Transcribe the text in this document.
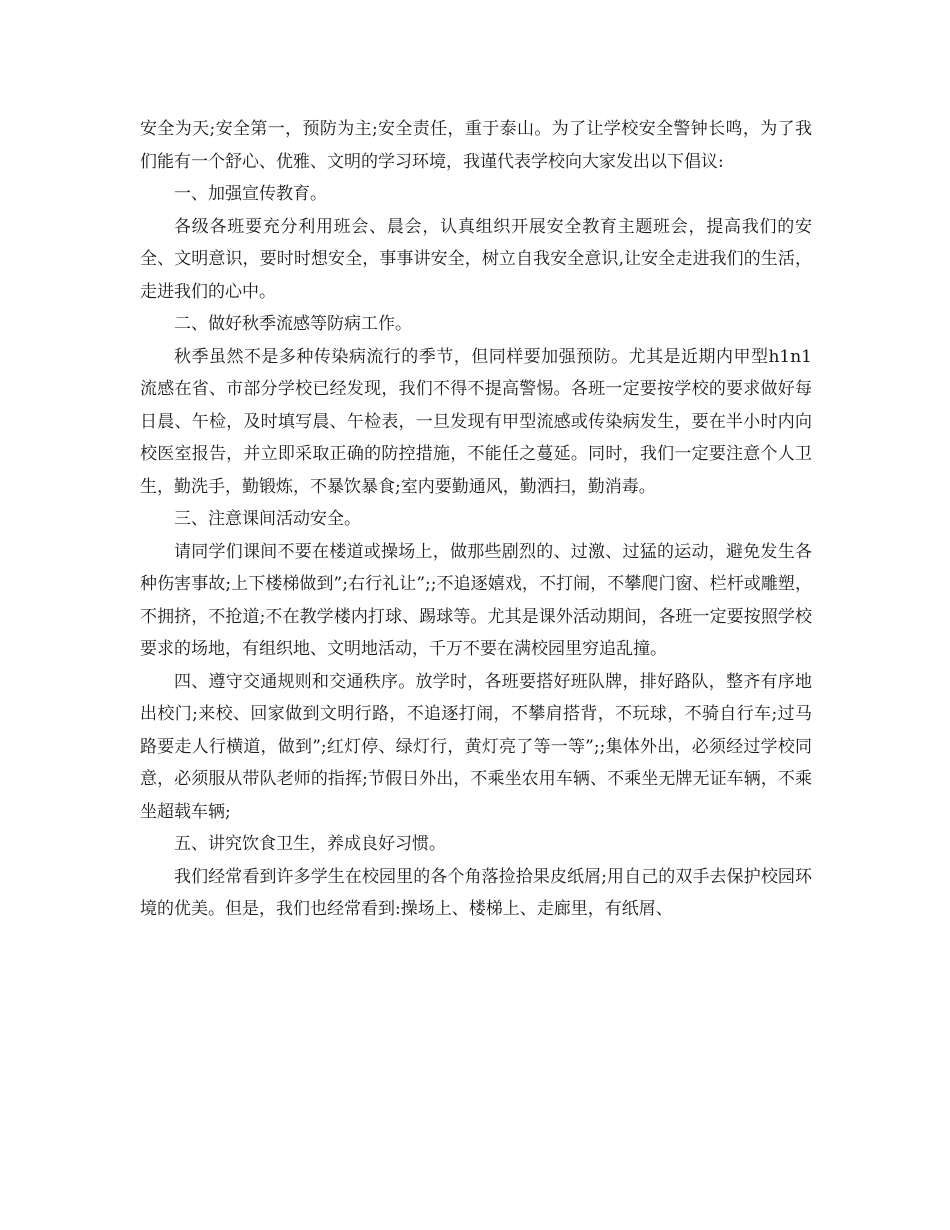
安全为天;安全第一，预防为主;安全责任，重于泰山。为了让学校安全警钟长鸣，为了我们能有一个舒心、优雅、文明的学习环境，我谨代表学校向大家发出以下倡议:

一、加强宣传教育。

各级各班要充分利用班会、晨会，认真组织开展安全教育主题班会，提高我们的安全、文明意识，要时时想安全，事事讲安全，树立自我安全意识,让安全走进我们的生活，走进我们的心中。

二、做好秋季流感等防病工作。

秋季虽然不是多种传染病流行的季节，但同样要加强预防。尤其是近期内甲型h1n1流感在省、市部分学校已经发现，我们不得不提高警惕。各班一定要按学校的要求做好每日晨、午检，及时填写晨、午检表，一旦发现有甲型流感或传染病发生，要在半小时内向校医室报告，并立即采取正确的防控措施，不能任之蔓延。同时，我们一定要注意个人卫生，勤洗手，勤锻炼，不暴饮暴食;室内要勤通风，勤洒扫，勤消毒。

三、注意课间活动安全。

请同学们课间不要在楼道或操场上，做那些剧烈的、过激、过猛的运动，避免发生各种伤害事故;上下楼梯做到”;右行礼让”;;不追逐嬉戏，不打闹，不攀爬门窗、栏杆或雕塑，不拥挤，不抢道;不在教学楼内打球、踢球等。尤其是课外活动期间，各班一定要按照学校要求的场地，有组织地、文明地活动，千万不要在满校园里穷追乱撞。

四、遵守交通规则和交通秩序。放学时，各班要搭好班队牌，排好路队，整齐有序地出校门;来校、回家做到文明行路，不追逐打闹，不攀肩搭背，不玩球，不骑自行车;过马路要走人行横道，做到”;红灯停、绿灯行，黄灯亮了等一等”;;集体外出，必须经过学校同意，必须服从带队老师的指挥;节假日外出，不乘坐农用车辆、不乘坐无牌无证车辆，不乘坐超载车辆;

五、讲究饮食卫生，养成良好习惯。

我们经常看到许多学生在校园里的各个角落捡拾果皮纸屑;用自己的双手去保护校园环境的优美。但是，我们也经常看到:操场上、楼梯上、走廊里，有纸屑、
